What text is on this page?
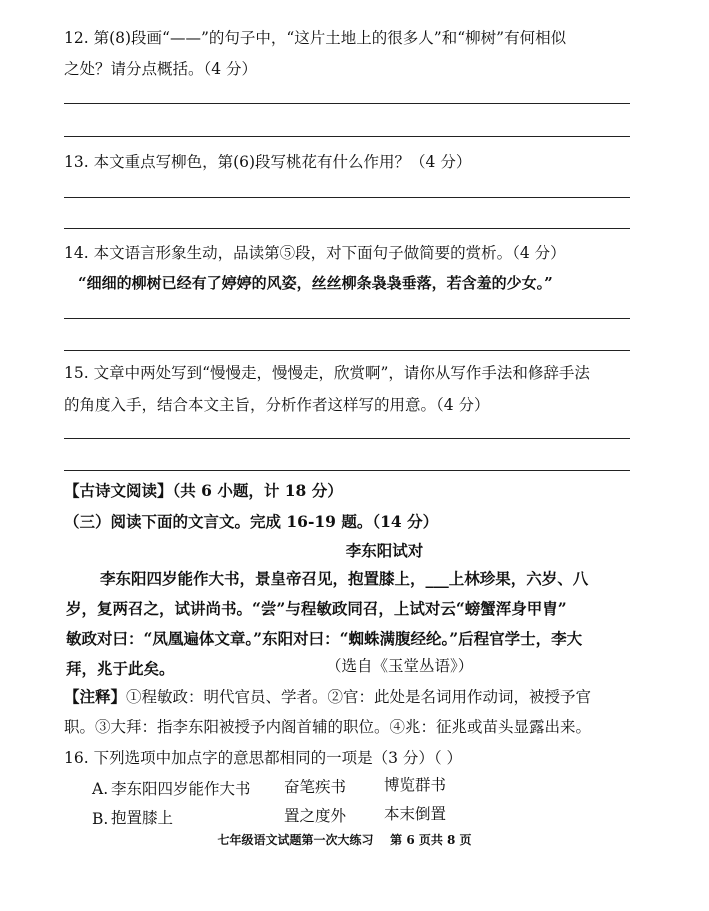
12. 第(8)段画“——”的句子中，“这片土地上的很多人”和“柳树”有何相似
之处？请分点概括。（4 分）
13. 本文重点写柳色，第(6)段写桃花有什么作用？（4 分）
14. 本文语言形象生动，品读第⑤段，对下面句子做简要的赏析。（4 分）
“细细的柳树已经有了婷婷的风姿，丝丝柳条袅袅垂落，若含羞的少女。”
15. 文章中两处写到“慢慢走，慢慢走，欣赏啊”，请你从写作手法和修辞手法
的角度入手，结合本文主旨，分析作者这样写的用意。（4 分）
【古诗文阅读】（共 6 小题，计 18 分）
（三）阅读下面的文言文。完成 16-19 题。（14 分）
李东阳试对
李东阳四岁能作大书，景皇帝召见，抱置膝上，___上林珍果，六岁、八
岁，复两召之，试讲尚书。“尝”与程敏政同召，上试对云“螃蟹浑身甲胄”
敏政对曰：“凤凰遍体文章。”东阳对曰：“蜘蛛满腹经纶。”后程官学士，李大
拜，兆于此矣。	（选自《玉堂丛语》）
【注释】①程敏政：明代官员、学者。②官：此处是名词用作动词，被授予官
职。③大拜：指李东阳被授予内阁首辅的职位。④兆：征兆或苗头显露出来。
16. 下列选项中加点字的意思都相同的一项是（3 分）（ ）
A. 李东阳四岁能作大书 奋笔疾书 博览群书
B. 抱置膝上	置之度外 本末倒置
七年级语文试题第一次大练习    第 6 页共 8 页
